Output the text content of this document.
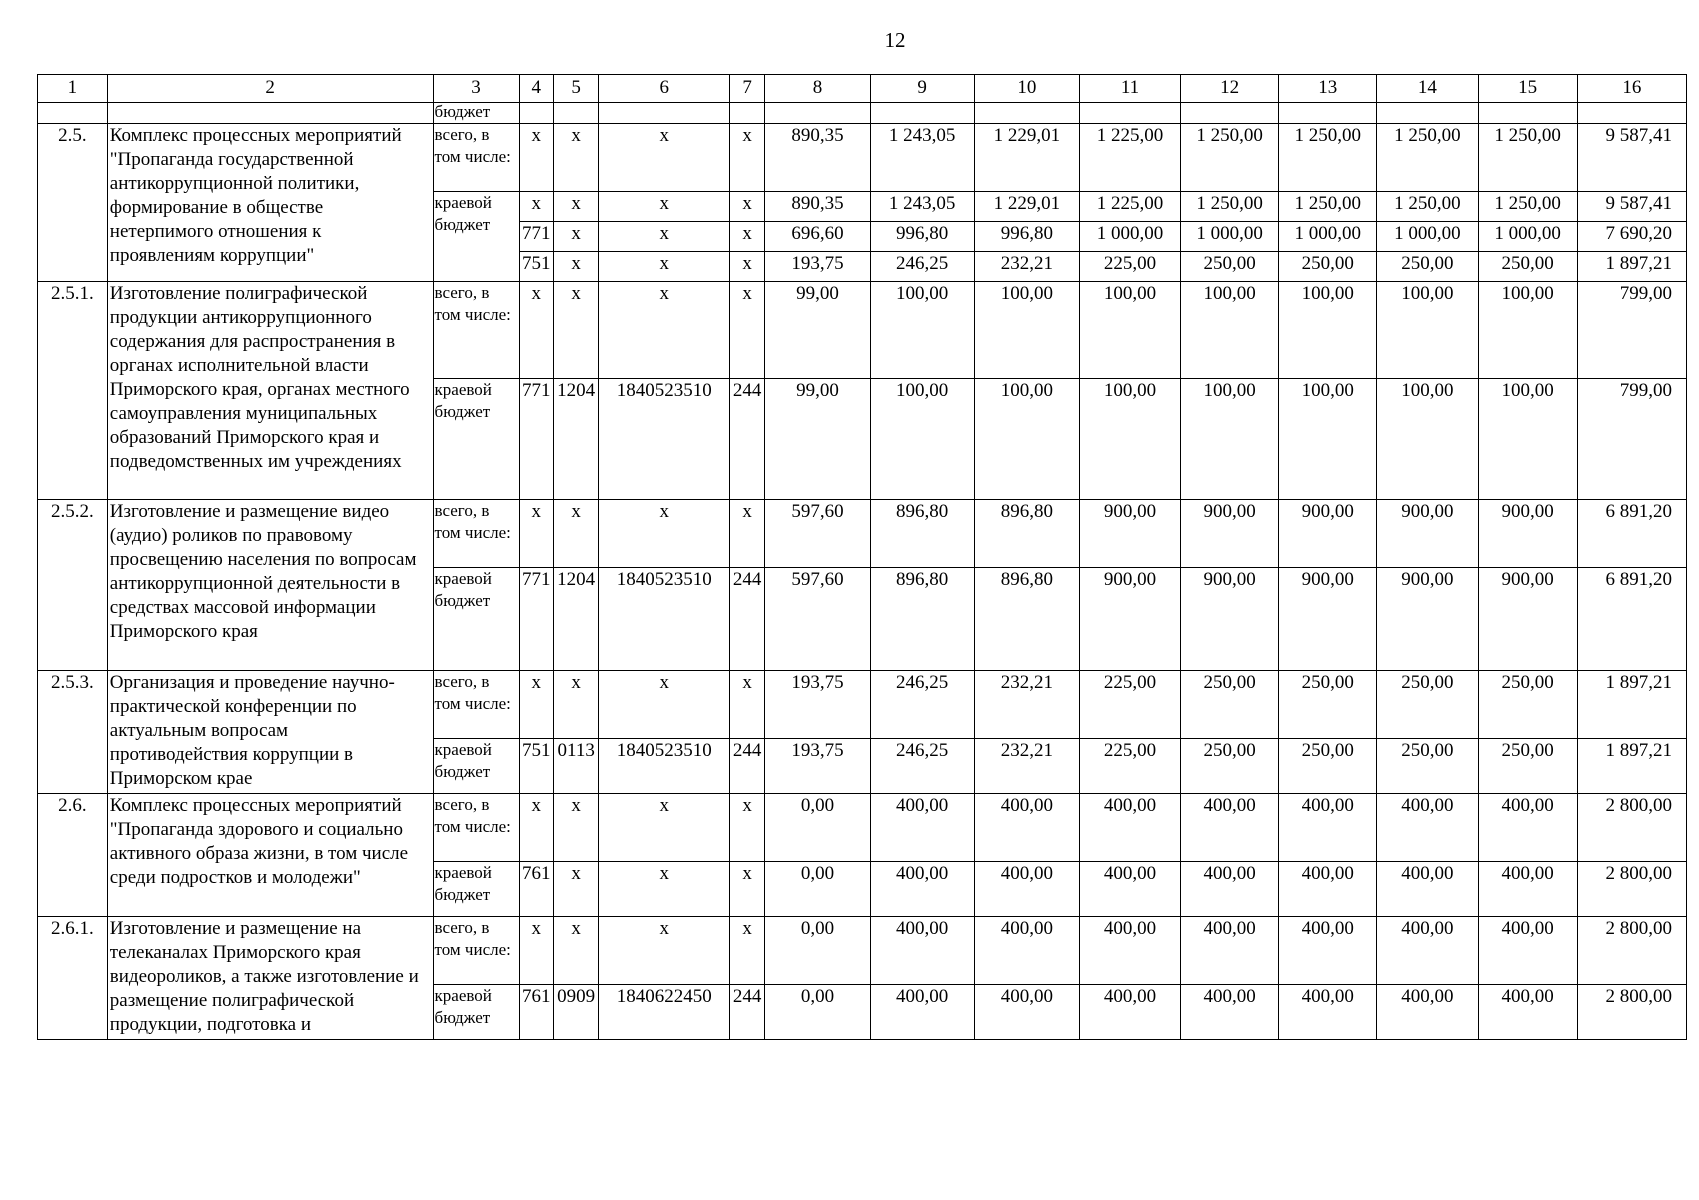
12
1	2	3	4	5	6	7	8	9	10	11	12	13	14	15	16
		бюджет													
2.5.	Комплекс процессных мероприятий "Пропаганда государственной антикоррупционной политики, формирование в обществе нетерпимого отношения к проявлениям коррупции"	всего, в том числе:	x	x	x	x	890,35	1 243,05	1 229,01	1 225,00	1 250,00	1 250,00	1 250,00	1 250,00	9 587,41
		краевой бюджет	x	x	x	x	890,35	1 243,05	1 229,01	1 225,00	1 250,00	1 250,00	1 250,00	1 250,00	9 587,41
			771	x	x	x	696,60	996,80	996,80	1 000,00	1 000,00	1 000,00	1 000,00	1 000,00	7 690,20
			751	x	x	x	193,75	246,25	232,21	225,00	250,00	250,00	250,00	250,00	1 897,21
2.5.1.	Изготовление полиграфической продукции антикоррупционного содержания для распространения в органах исполнительной власти Приморского края, органах местного самоуправления муниципальных образований Приморского края и подведомственных им учреждениях	всего, в том числе:	x	x	x	x	99,00	100,00	100,00	100,00	100,00	100,00	100,00	100,00	799,00
		краевой бюджет	771	1204	1840523510	244	99,00	100,00	100,00	100,00	100,00	100,00	100,00	100,00	799,00
2.5.2.	Изготовление и размещение видео (аудио) роликов по правовому просвещению населения по вопросам антикоррупционной деятельности в средствах массовой информации Приморского края	всего, в том числе:	x	x	x	x	597,60	896,80	896,80	900,00	900,00	900,00	900,00	900,00	6 891,20
		краевой бюджет	771	1204	1840523510	244	597,60	896,80	896,80	900,00	900,00	900,00	900,00	900,00	6 891,20
2.5.3.	Организация и проведение научно-практической конференции по актуальным вопросам противодействия коррупции в Приморском крае	всего, в том числе:	x	x	x	x	193,75	246,25	232,21	225,00	250,00	250,00	250,00	250,00	1 897,21
		краевой бюджет	751	0113	1840523510	244	193,75	246,25	232,21	225,00	250,00	250,00	250,00	250,00	1 897,21
2.6.	Комплекс процессных мероприятий "Пропаганда здорового и социально активного образа жизни, в том числе среди подростков и молодежи"	всего, в том числе:	x	x	x	x	0,00	400,00	400,00	400,00	400,00	400,00	400,00	400,00	2 800,00
		краевой бюджет	761	x	x	x	0,00	400,00	400,00	400,00	400,00	400,00	400,00	400,00	2 800,00
2.6.1.	Изготовление и размещение на телеканалах Приморского края видеороликов, а также изготовление и размещение полиграфической продукции, подготовка и	всего, в том числе:	x	x	x	x	0,00	400,00	400,00	400,00	400,00	400,00	400,00	400,00	2 800,00
		краевой бюджет	761	0909	1840622450	244	0,00	400,00	400,00	400,00	400,00	400,00	400,00	400,00	2 800,00
